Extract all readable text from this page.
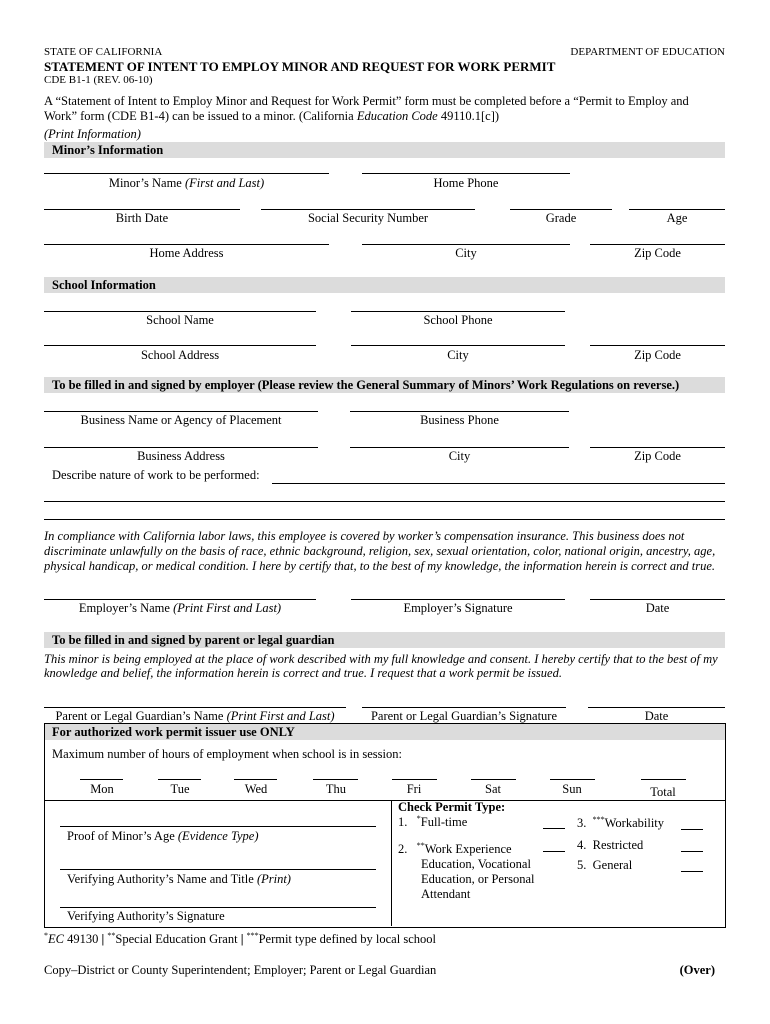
STATE OF CALIFORNIA	DEPARTMENT OF EDUCATION
STATEMENT OF INTENT TO EMPLOY MINOR AND REQUEST FOR WORK PERMIT
CDE B1-1 (REV. 06-10)
A “Statement of Intent to Employ Minor and Request for Work Permit” form must be completed before a “Permit to Employ and
Work” form (CDE B1-4) can be issued to a minor. (California Education Code 49110.1[c])
(Print Information)
Minor’s Information
Minor’s Name (First and Last)	Home Phone
Birth Date	Social Security Number	Grade	Age
Home Address	City	Zip Code
School Information
School Name	School Phone
School Address	City	Zip Code
To be filled in and signed by employer (Please review the General Summary of Minors’ Work Regulations on reverse.)
Business Name or Agency of Placement	Business Phone
Business Address	City	Zip Code
Describe nature of work to be performed:
In compliance with California labor laws, this employee is covered by worker’s compensation insurance. This business does not
discriminate unlawfully on the basis of race, ethnic background, religion, sex, sexual orientation, color, national origin, ancestry, age,
physical handicap, or medical condition. I here by certify that, to the best of my knowledge, the information herein is correct and true.
Employer’s Name (Print First and Last)	Employer’s Signature	Date
To be filled in and signed by parent or legal guardian
This minor is being employed at the place of work described with my full knowledge and consent. I hereby certify that to the best of my
knowledge and belief, the information herein is correct and true. I request that a work permit be issued.
Parent or Legal Guardian’s Name (Print First and Last)	Parent or Legal Guardian’s Signature	Date
For authorized work permit issuer use ONLY
Maximum number of hours of employment when school is in session:
Mon	Tue	Wed	Thu	Fri	Sat	Sun	Total
Proof of Minor’s Age (Evidence Type)
Verifying Authority’s Name and Title (Print)
Verifying Authority’s Signature
Check Permit Type:
1. *Full-time
2. **Work Experience
Education, Vocational
Education, or Personal
Attendant
3. ***Workability
4. Restricted
5. General
*EC 49130 | **Special Education Grant | ***Permit type defined by local school
Copy–District or County Superintendent; Employer; Parent or Legal Guardian	(Over)
